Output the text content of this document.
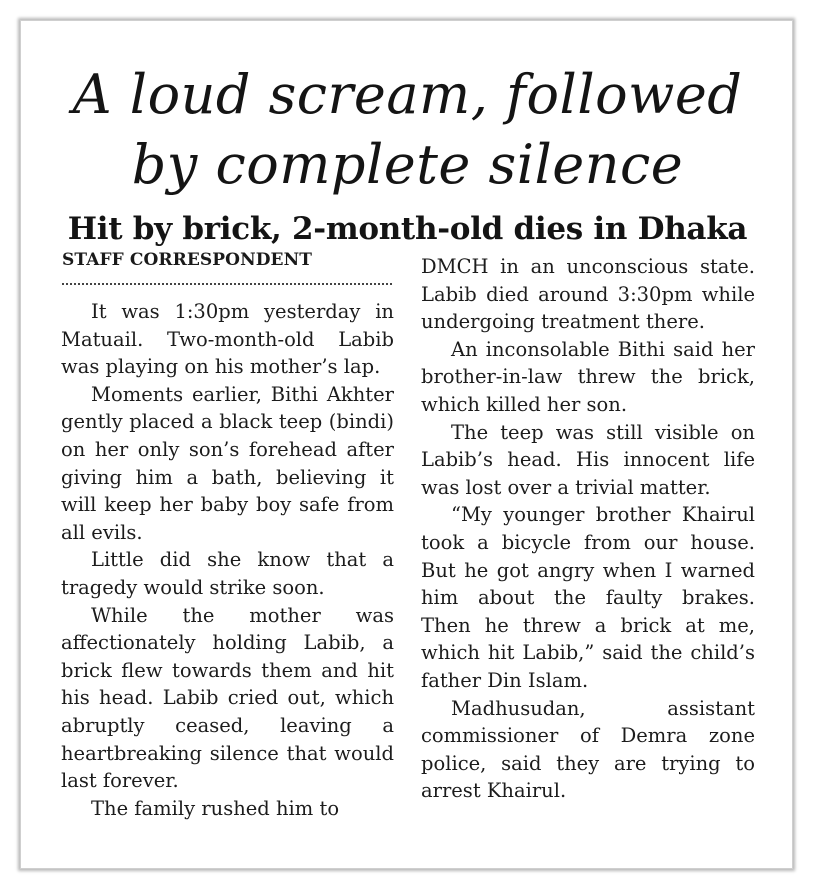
A loud scream, followed
by complete silence
Hit by brick, 2-month-old dies in Dhaka
STAFF CORRESPONDENT

It was 1:30pm yesterday in Matuail. Two-month-old Labib was playing on his mother’s lap.

Moments earlier, Bithi Akhter gently placed a black teep (bindi) on her only son’s forehead after giving him a bath, believing it will keep her baby boy safe from all evils.

Little did she know that a tragedy would strike soon.

While the mother was affectionately holding Labib, a brick flew towards them and hit his head. Labib cried out, which abruptly ceased, leaving a heartbreaking silence that would last forever.

The family rushed him to

DMCH in an unconscious state. Labib died around 3:30pm while undergoing treatment there.

An inconsolable Bithi said her brother-in-law threw the brick, which killed her son.

The teep was still visible on Labib’s head. His innocent life was lost over a trivial matter.

“My younger brother Khairul took a bicycle from our house. But he got angry when I warned him about the faulty brakes. Then he threw a brick at me, which hit Labib,” said the child’s father Din Islam.

Madhusudan, assistant commissioner of Demra zone police, said they are trying to arrest Khairul.
